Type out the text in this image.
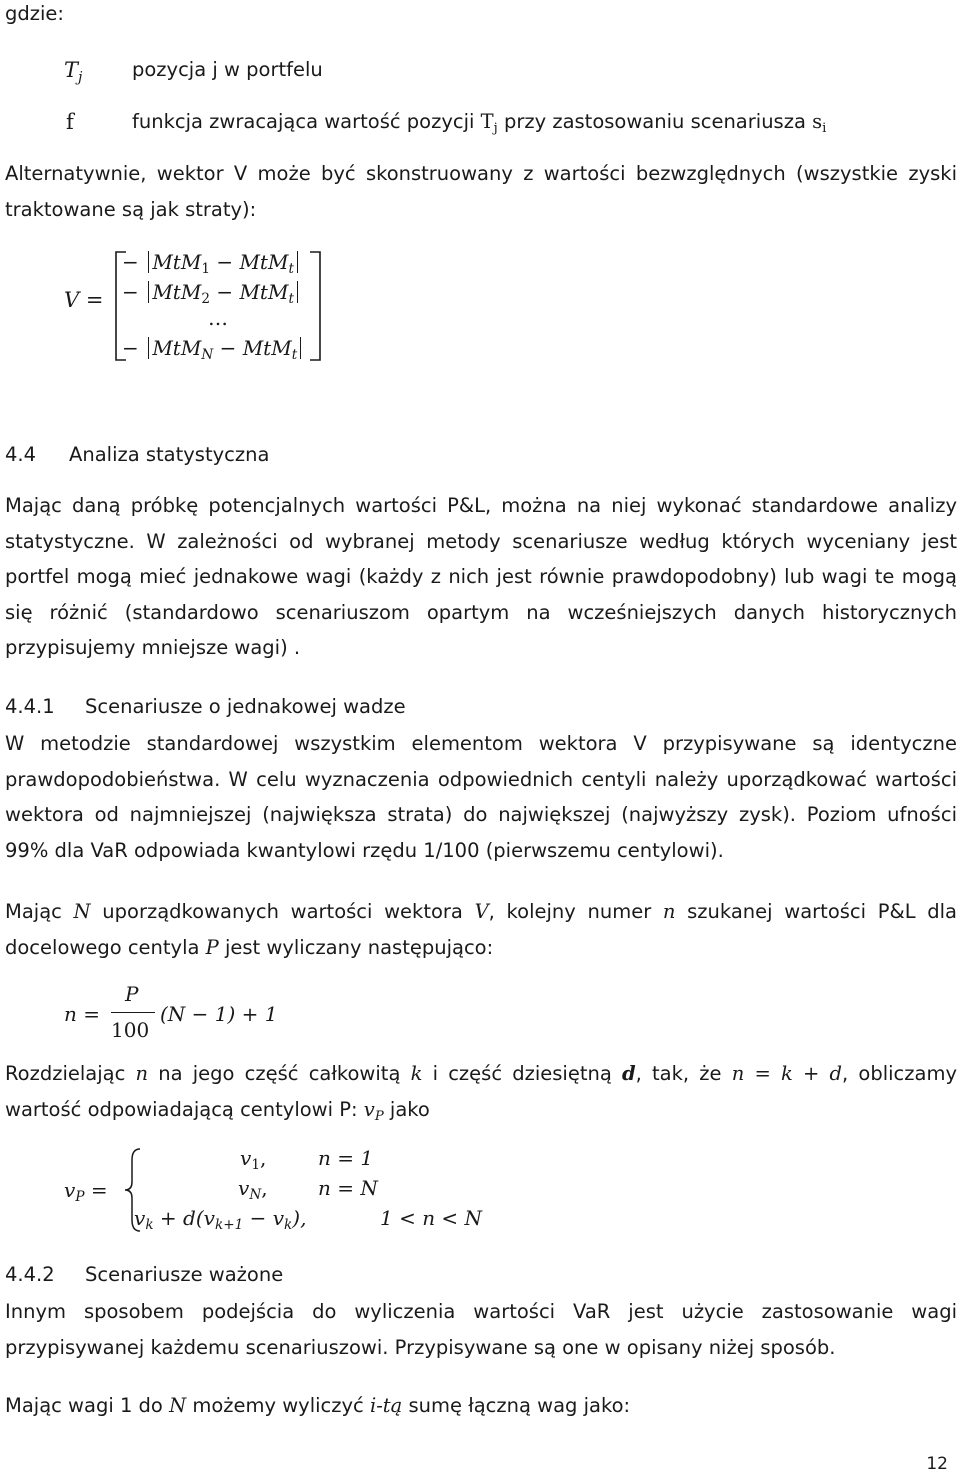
gdzie:
$T_j$	pozycja j w portfelu
f	funkcja zwracająca wartość pozycji $T_j$ przy zastosowaniu scenariusza $s_i$

Alternatywnie, wektor V może być skonstruowany z wartości bezwzględnych (wszystkie zyski traktowane są jak straty):

V =
− MtM$_1$ − MtM$_t$
− MtM$_2$ − MtM$_t$
…
− MtM$_N$ − MtM$_t$
4.4 Analiza statystyczna

Mając daną próbkę potencjalnych wartości P&L, można na niej wykonać standardowe analizy statystyczne. W zależności od wybranej metody scenariusze według których wyceniany jest portfel mogą mieć jednakowe wagi (każdy z nich jest równie prawdopodobny) lub wagi te mogą się różnić (standardowo scenariuszom opartym na wcześniejszych danych historycznych przypisujemy mniejsze wagi) .

4.4.1 Scenariusze o jednakowej wadze

W metodzie standardowej wszystkim elementom wektora V przypisywane są identyczne prawdopodobieństwa. W celu wyznaczenia odpowiednich centyli należy uporządkować wartości wektora od najmniejszej (największa strata) do największej (najwyższy zysk). Poziom ufności 99% dla VaR odpowiada kwantylowi rzędu 1/100 (pierwszemu centylowi).

Mając N uporządkowanych wartości wektora V, kolejny numer n szukanej wartości P&L dla docelowego centyla P jest wyliczany następująco:

n =
P
100
(N − 1) + 1

Rozdzielając n na jego część całkowitą k i część dziesiętną d, tak, że n = k + d, obliczamy wartość odpowiadającą centylowi P: $v_P$ jako

$v_P$ =
$v_1$,	n = 1
$v_N$,	n = N
$v_k + d(v_{k+1} - v_k)$,	1 < n < N
4.4.2 Scenariusze ważone

Innym sposobem podejścia do wyliczenia wartości VaR jest użycie zastosowanie wagi przypisywanej każdemu scenariuszowi. Przypisywane są one w opisany niżej sposób.

Mając wagi 1 do N możemy wyliczyć i-tą sumę łączną wag jako:

12
